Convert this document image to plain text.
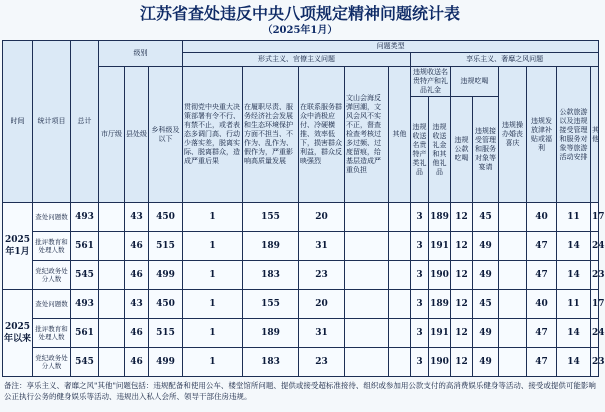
江苏省查处违反中央八项规定精神问题统计表
（2025年1月）
时间	统计项目	总计	级别			问题类型												
						形式主义、官僚主义问题					享乐主义、奢靡之风问题							
			市厅级	县处级	乡科级及以下	贯彻党中央重大决策部署有令不行、有禁不止，或者表态多调门高、行动少落实差，脱离实际、脱离群众，造成严重后果	在履职尽责、服务经济社会发展和生态环境保护方面不担当、不作为、乱作为、假作为，严重影响高质量发展	在联系服务群众中消极应付、冷硬横推、效率低下，损害群众利益，群众反映强烈	文山会海反弹回潮，文风会风不实不正，督查检查考核过多过频、过度留痕，给基层造成严重负担	其他	违规收送名贵特产和礼品礼金		违规吃喝		违规操办婚丧喜庆	违规发放津补贴或福利	公款旅游以及违规接受管理和服务对象等旅游活动安排	其他
											违规收送名贵特产类礼品	违规收送礼金和其他礼品	违规公款吃喝	违规接受管理和服务对象等宴请				
2025年1月	查处问题数	493		43	450	1	155	20			3	189	12	45		40	11	17
	批评教育和处理人数	561		46	515	1	189	31			3	191	12	49		47	14	24
	党纪政务处分人数	545		46	499	1	183	23			3	190	12	49		47	14	23
2025年以来	查处问题数	493		43	450	1	155	20			3	189	12	45		40	11	17
	批评教育和处理人数	561		46	515	1	189	31			3	191	12	49		47	14	24
	党纪政务处分人数	545		46	499	1	183	23			3	190	12	49		47	14	23
备注：享乐主义、奢靡之风"其他"问题包括：违规配备和使用公车、楼堂馆所问题、提供或接受超标准接待、组织或参加用公款支付的高消费娱乐健身等活动、接受或提供可能影响公正执行公务的健身娱乐等活动、违规出入私人会所、领导干部住房违规。
